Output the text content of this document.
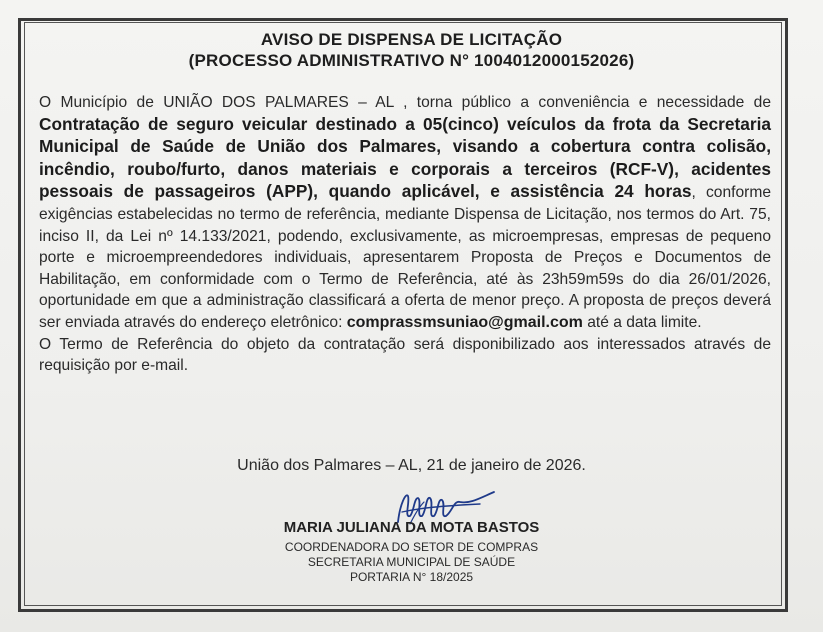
AVISO DE DISPENSA DE LICITAÇÃO
(PROCESSO ADMINISTRATIVO N° 1004012000152026)

O Município de UNIÃO DOS PALMARES – AL , torna público a conveniência e necessidade de Contratação de seguro veicular destinado a 05(cinco) veículos da frota da Secretaria Municipal de Saúde de União dos Palmares, visando a cobertura contra colisão, incêndio, roubo/furto, danos materiais e corporais a terceiros (RCF-V), acidentes pessoais de passageiros (APP), quando aplicável, e assistência 24 horas, conforme exigências estabelecidas no termo de referência, mediante Dispensa de Licitação, nos termos do Art. 75, inciso II, da Lei nº 14.133/2021, podendo, exclusivamente, as microempresas, empresas de pequeno porte e microempreendedores individuais, apresentarem Proposta de Preços e Documentos de Habilitação, em conformidade com o Termo de Referência, até às 23h59m59s do dia 26/01/2026, oportunidade em que a administração classificará a oferta de menor preço. A proposta de preços deverá ser enviada através do endereço eletrônico: comprassmsuniao@gmail.com até a data limite.

O Termo de Referência do objeto da contratação será disponibilizado aos interessados através de requisição por e-mail.

União dos Palmares – AL, 21 de janeiro de 2026.
MARIA JULIANA DA MOTA BASTOS
COORDENADORA DO SETOR DE COMPRAS
SECRETARIA MUNICIPAL DE SAÚDE
PORTARIA N° 18/2025
